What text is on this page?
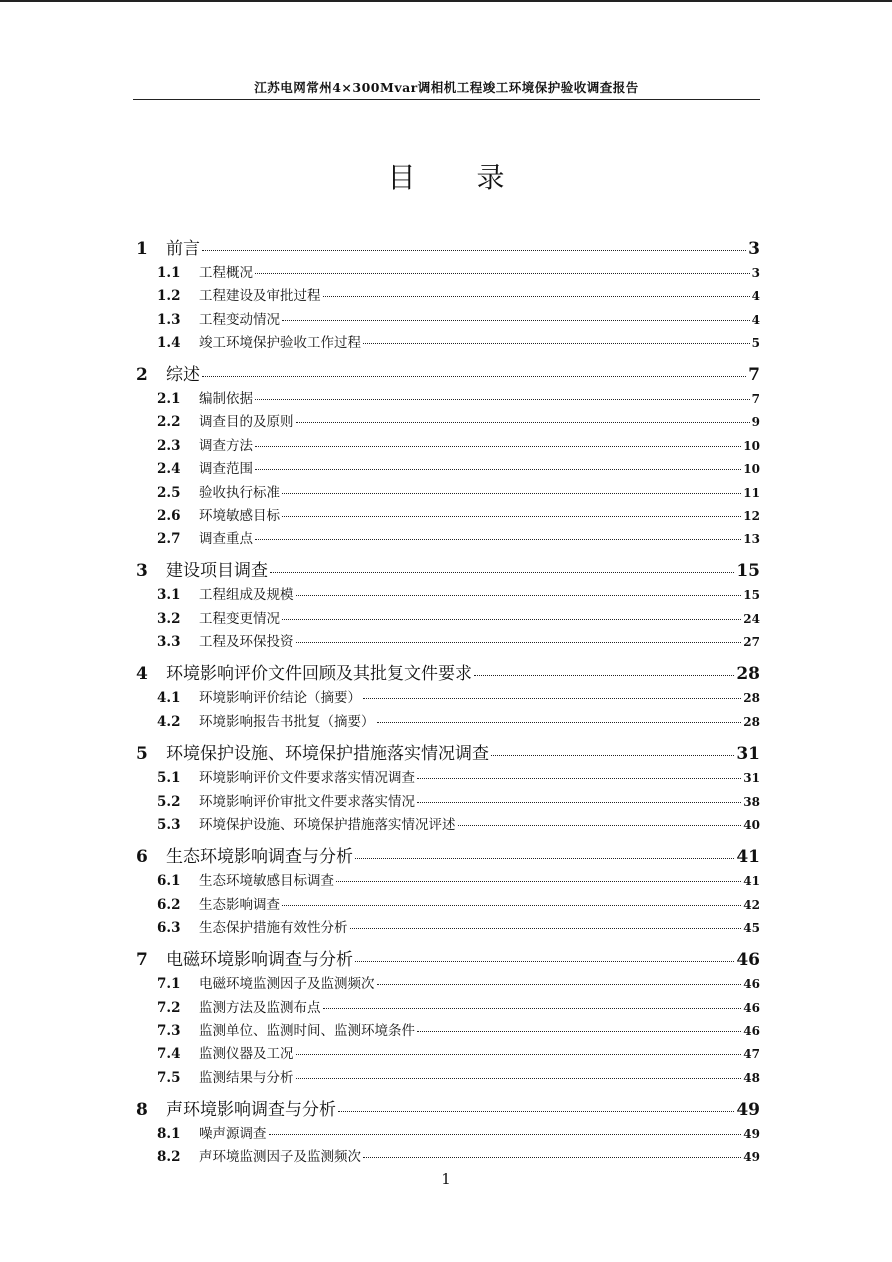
江苏电网常州4×300Mvar调相机工程竣工环境保护验收调查报告
目 录
1	前言	3
1.1	工程概况	3
1.2	工程建设及审批过程	4
1.3	工程变动情况	4
1.4	竣工环境保护验收工作过程	5
2	综述	7
2.1	编制依据	7
2.2	调查目的及原则	9
2.3	调查方法	10
2.4	调查范围	10
2.5	验收执行标准	11
2.6	环境敏感目标	12
2.7	调查重点	13
3	建设项目调查	15
3.1	工程组成及规模	15
3.2	工程变更情况	24
3.3	工程及环保投资	27
4	环境影响评价文件回顾及其批复文件要求	28
4.1	环境影响评价结论（摘要）	28
4.2	环境影响报告书批复（摘要）	28
5	环境保护设施、环境保护措施落实情况调查	31
5.1	环境影响评价文件要求落实情况调查	31
5.2	环境影响评价审批文件要求落实情况	38
5.3	环境保护设施、环境保护措施落实情况评述	40
6	生态环境影响调查与分析	41
6.1	生态环境敏感目标调查	41
6.2	生态影响调查	42
6.3	生态保护措施有效性分析	45
7	电磁环境影响调查与分析	46
7.1	电磁环境监测因子及监测频次	46
7.2	监测方法及监测布点	46
7.3	监测单位、监测时间、监测环境条件	46
7.4	监测仪器及工况	47
7.5	监测结果与分析	48
8	声环境影响调查与分析	49
8.1	噪声源调查	49
8.2	声环境监测因子及监测频次	49
1
